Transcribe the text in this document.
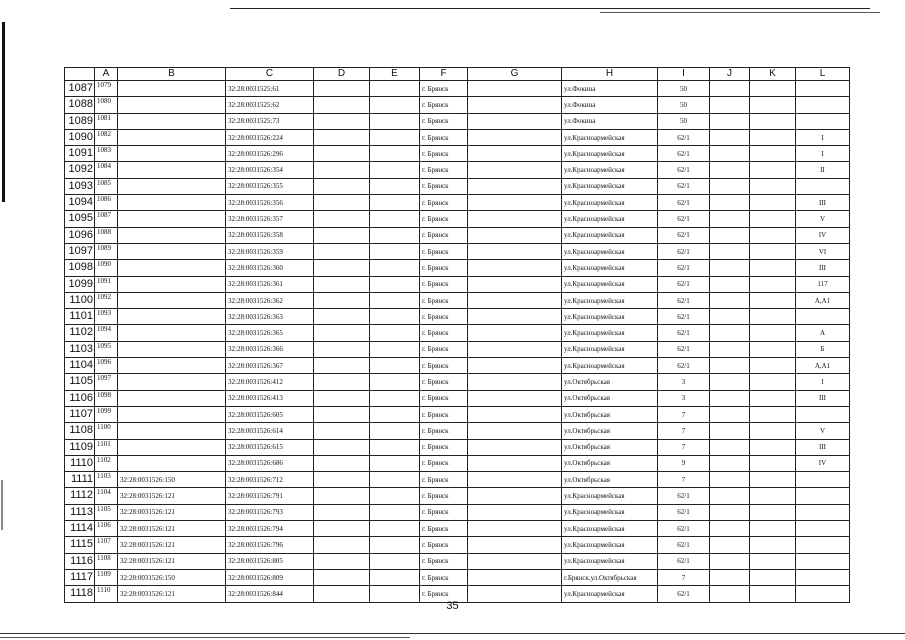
	A	B	C	D	E	F	G	H	I	J	K	L
1087	1079		32:28:0031525:61			г. Брянск		ул.Фокина	50			
1088	1080		32:28:0031525:62			г. Брянск		ул.Фокина	50			
1089	1081		32:28:0031525:73			г. Брянск		ул.Фокина	50			
1090	1082		32:28:0031526:224			г. Брянск		ул.Красноармейская	62/1			I
1091	1083		32:28:0031526:296			г. Брянск		ул.Красноармейская	62/1			I
1092	1084		32:28:0031526:354			г. Брянск		ул.Красноармейская	62/1			II
1093	1085		32:28:0031526:355			г. Брянск		ул.Красноармейская	62/1			
1094	1086		32:28:0031526:356			г. Брянск		ул.Красноармейская	62/1			III
1095	1087		32:28:0031526:357			г. Брянск		ул.Красноармейская	62/1			V
1096	1088		32:28:0031526:358			г. Брянск		ул.Красноармейская	62/1			IV
1097	1089		32:28:0031526:359			г. Брянск		ул.Красноармейская	62/1			VI
1098	1090		32:28:0031526:360			г. Брянск		ул.Красноармейская	62/1			III
1099	1091		32:28:0031526:361			г. Брянск		ул.Красноармейская	62/1			117
1100	1092		32:28:0031526:362			г. Брянск		ул.Красноармейская	62/1			А,А1
1101	1093		32:28:0031526:363			г. Брянск		ул.Красноармейская	62/1			
1102	1094		32:28:0031526:365			г. Брянск		ул.Красноармейская	62/1			А
1103	1095		32:28:0031526:366			г. Брянск		ул.Красноармейская	62/1			Б
1104	1096		32:28:0031526:367			г. Брянск		ул.Красноармейская	62/1			А,А1
1105	1097		32:28:0031526:412			г. Брянск		ул.Октябрьская	3			I
1106	1098		32:28:0031526:413			г. Брянск		ул.Октябрьская	3			III
1107	1099		32:28:0031526:605			г. Брянск		ул.Октябрьская	7			
1108	1100		32:28:0031526:614			г. Брянск		ул.Октябрьская	7			V
1109	1101		32:28:0031526:615			г. Брянск		ул.Октябрьская	7			III
1110	1102		32:28:0031526:686			г. Брянск		ул.Октябрьская	9			IV
1111	1103	32:28:0031526:150	32:28:0031526:712			г. Брянск		ул.Октябрьская	7			
1112	1104	32:28:0031526:121	32:28:0031526:791			г. Брянск		ул.Красноармейская	62/1			
1113	1105	32:28:0031526:121	32:28:0031526:793			г. Брянск		ул.Красноармейская	62/1			
1114	1106	32:28:0031526:121	32:28:0031526:794			г. Брянск		ул.Красноармейская	62/1			
1115	1107	32:28:0031526:121	32:28:0031526:796			г. Брянск		ул.Красноармейская	62/1			
1116	1108	32:28:0031526:121	32:28:0031526:805			г. Брянск		ул.Красноармейская	62/1			
1117	1109	32:28:0031526:150	32:28:0031526:809			г. Брянск		г.Брянск,ул.Октябрьская	7			
1118	1110	32:28:0031526:121	32:28:0031526:844			г. Брянск		ул.Красноармейская	62/1			
35
